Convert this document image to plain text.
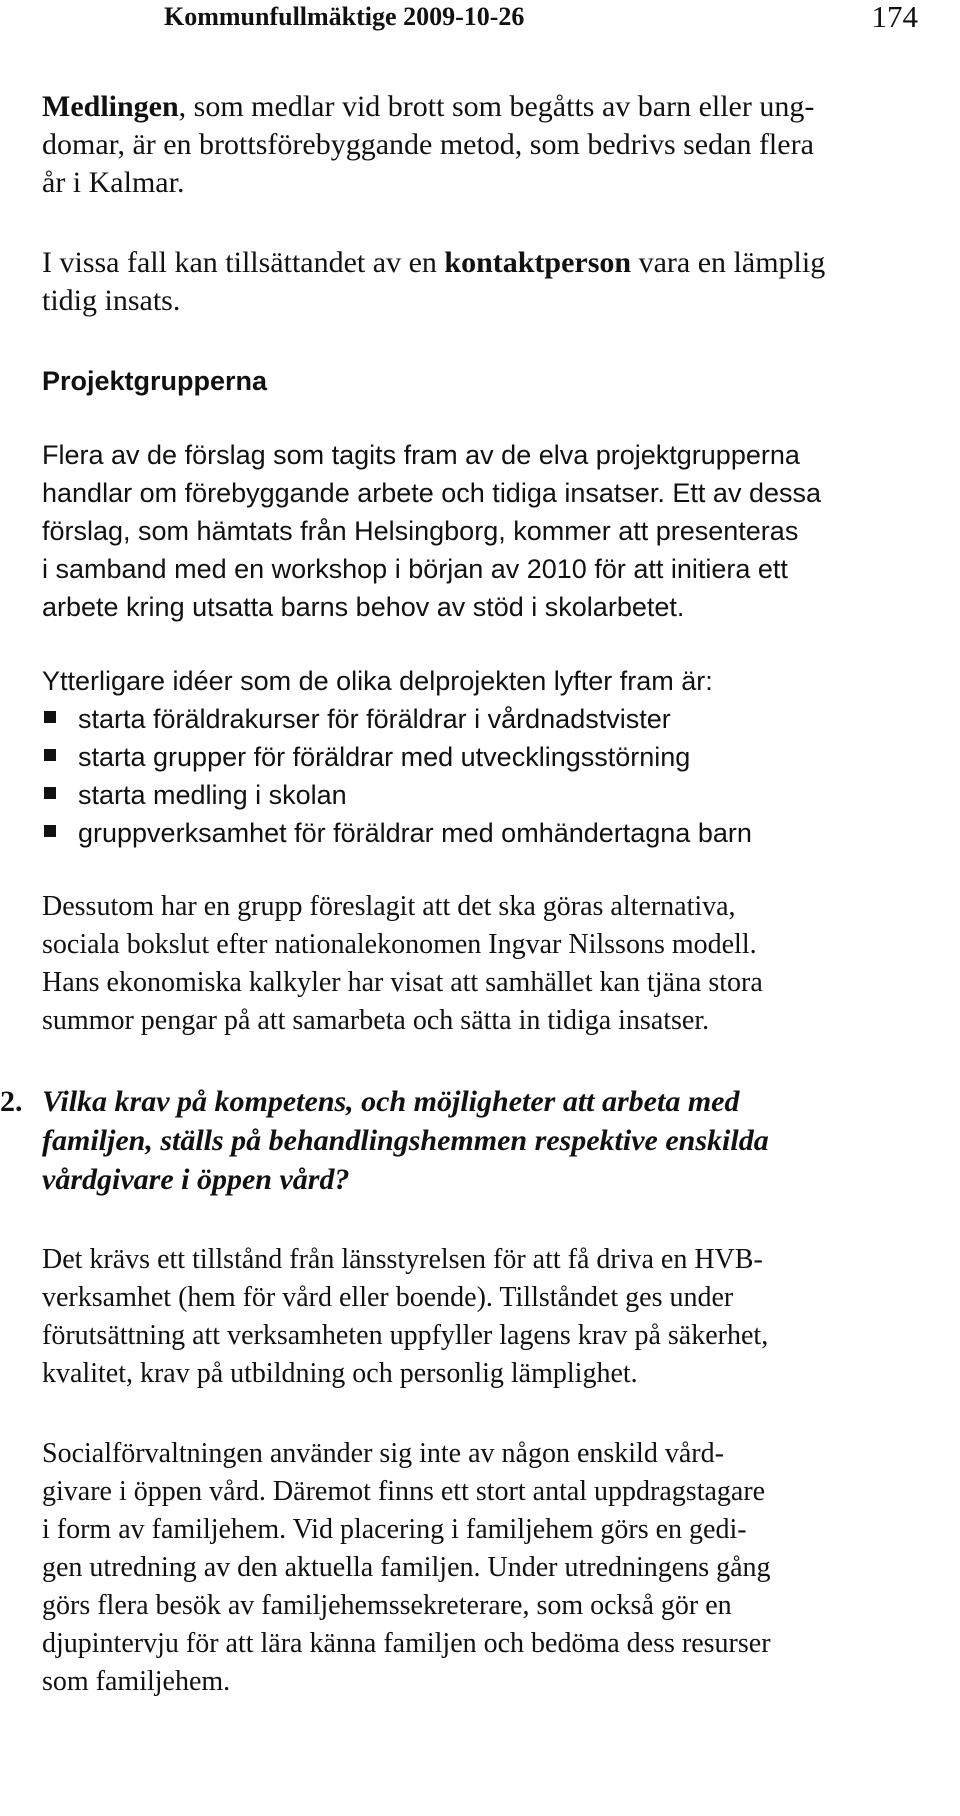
Kommunfullmäktige 2009-10-26	174

Medlingen, som medlar vid brott som begåtts av barn eller ung-
domar, är en brottsförebyggande metod, som bedrivs sedan flera
år i Kalmar.

I vissa fall kan tillsättandet av en kontaktperson vara en lämplig
tidig insats.

Projektgrupperna

Flera av de förslag som tagits fram av de elva projektgrupperna
handlar om förebyggande arbete och tidiga insatser. Ett av dessa
förslag, som hämtats från Helsingborg, kommer att presenteras
i samband med en workshop i början av 2010 för att initiera ett
arbete kring utsatta barns behov av stöd i skolarbetet.

Ytterligare idéer som de olika delprojekten lyfter fram är:

starta föräldrakurser för föräldrar i vårdnadstvister
starta grupper för föräldrar med utvecklingsstörning
starta medling i skolan
gruppverksamhet för föräldrar med omhändertagna barn

Dessutom har en grupp föreslagit att det ska göras alternativa,
sociala bokslut efter nationalekonomen Ingvar Nilssons modell.
Hans ekonomiska kalkyler har visat att samhället kan tjäna stora
summor pengar på att samarbeta och sätta in tidiga insatser.

2. Vilka krav på kompetens, och möjligheter att arbeta med
familjen, ställs på behandlingshemmen respektive enskilda
vårdgivare i öppen vård?

Det krävs ett tillstånd från länsstyrelsen för att få driva en HVB-
verksamhet (hem för vård eller boende). Tillståndet ges under
förutsättning att verksamheten uppfyller lagens krav på säkerhet,
kvalitet, krav på utbildning och personlig lämplighet.

Socialförvaltningen använder sig inte av någon enskild vård-
givare i öppen vård. Däremot finns ett stort antal uppdragstagare
i form av familjehem. Vid placering i familjehem görs en gedi-
gen utredning av den aktuella familjen. Under utredningens gång
görs flera besök av familjehemssekreterare, som också gör en
djupintervju för att lära känna familjen och bedöma dess resurser
som familjehem.
